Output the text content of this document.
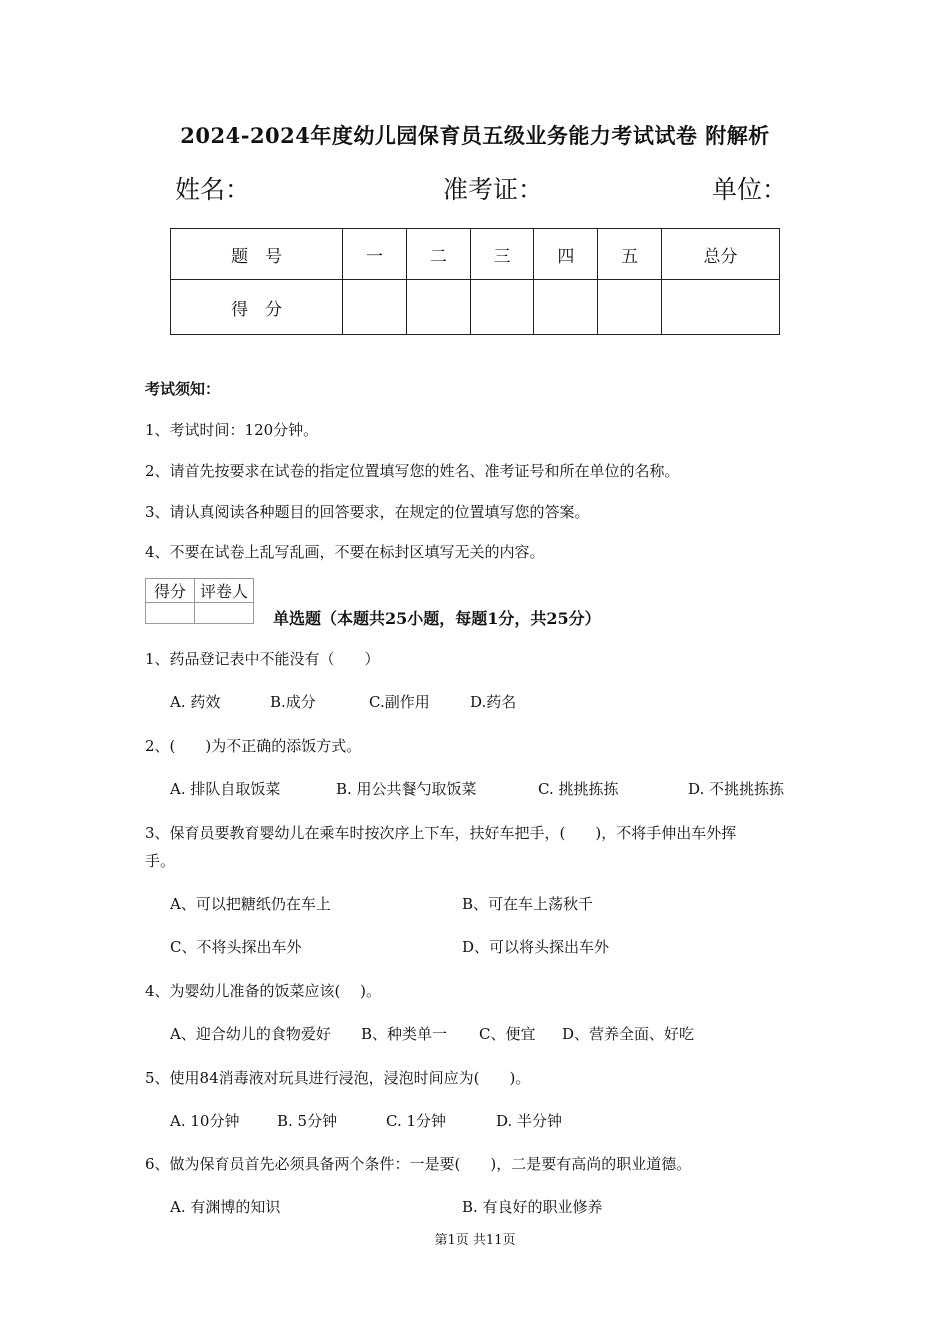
2024-2024年度幼儿园保育员五级业务能力考试试卷 附解析
姓名：	准考证：	单位：
题　号	一	二	三	四	五	总分
得　分						
考试须知：
1、考试时间：120分钟。
2、请首先按要求在试卷的指定位置填写您的姓名、准考证号和所在单位的名称。
3、请认真阅读各种题目的回答要求，在规定的位置填写您的答案。
4、不要在试卷上乱写乱画，不要在标封区填写无关的内容。
得分	评卷人

单选题（本题共25小题，每题1分，共25分）
1、药品登记表中不能没有（　　）
A. 药效	B.成分	C.副作用	D.药名
2、(　　)为不正确的添饭方式。
A. 排队自取饭菜	B. 用公共餐勺取饭菜	C. 挑挑拣拣	D. 不挑挑拣拣
3、保育员要教育婴幼儿在乘车时按次序上下车，扶好车把手，(　　)，不将手伸出车外挥
手。
A、可以把糖纸仍在车上	B、可在车上荡秋千
C、不将头探出车外	D、可以将头探出车外
4、为婴幼儿准备的饭菜应该(　 )。
A、迎合幼儿的食物爱好 B、种类单一 C、便宜 D、营养全面、好吃
5、使用84消毒液对玩具进行浸泡，浸泡时间应为(　　)。
A. 10分钟	B. 5分钟	C. 1分钟	D. 半分钟
6、做为保育员首先必须具备两个条件：一是要(　　)，二是要有高尚的职业道德。
A. 有渊博的知识	B. 有良好的职业修养
第1页 共11页
